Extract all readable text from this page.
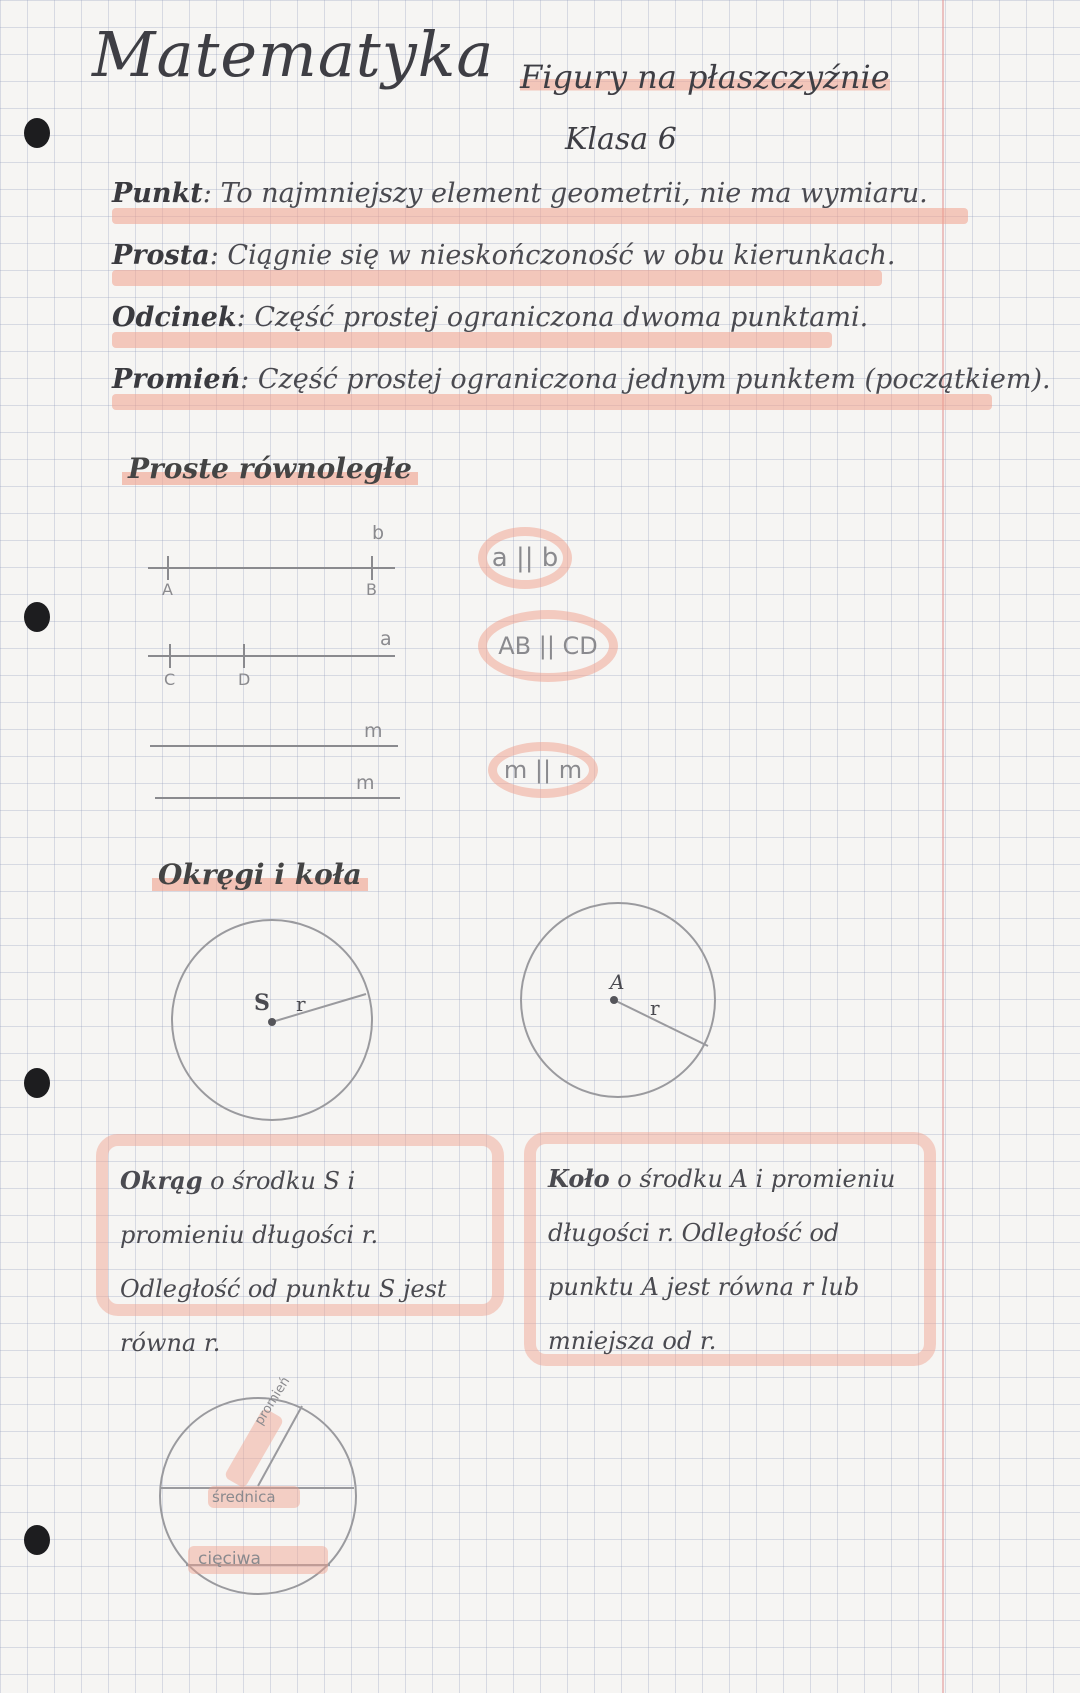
Matematyka Figury na płaszczyźnie
Klasa 6
Punkt: To najmniejszy element geometrii, nie ma wymiaru.
Prosta: Ciągnie się w nieskończoność w obu kierunkach.
Odcinek: Część prostej ograniczona dwoma punktami.
Promień: Część prostej ograniczona jednym punktem (początkiem).
Proste równoległe
b
a
m
m
A	B
C	D
a || b
AB || CD
m || m
Okręgi i koła
S r
A
r
Okrąg o środku S i promieniu długości r. Odległość od punktu S jest równa r.
Koło o środku A i promieniu długości r. Odległość od punktu A jest równa r lub mniejsza od r.
promień
średnica
cięciwa
